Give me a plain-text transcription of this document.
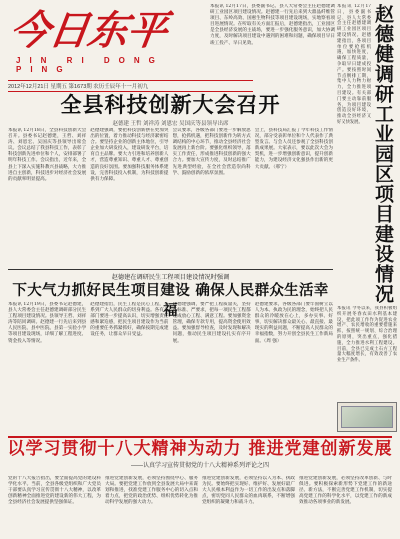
今日东平
JIN RI DONG PING
2012年12月21日 星期五 第1673期 农历壬辰年十一月初九
本报讯 12月17日，县委副书记、县人大常委会主任赵德建调研工业园区项目建设情况。赵德建一行先后来到大鼎晶纤维管项目、东岭高效、国惠生物科技等项目建设现场，实地察看项目进展情况。在听取有关方面汇报后，赵德建指出，工业园区是全县经济发展的主战场，要进一步强化服务意识，加大协调力度，及时解决项目建设中遇到的困难和问题，确保项目早日竣工投产、早日见效。
本报讯 12月17日，县委副书记、县人大常委会主任赵德建调研工业园区项目建设情况。赵德建指出，各项目单位要抢抓机遇，加快进度，确保工程质量，争取早日建成投产。要按照时间节点倒排工期，集中人力物力财力，全力推进项目建设。有关部门要主动靠前服务，为项目建设创造良好环境，推动全县经济又好又快发展。 赵德健调研工业园区项目建设情况
全县科技创新大会召开
赵德建 王哲 刘祥涛 刘恩宏 吴国庆等县领导出席
本报讯 12月18日，全县科技创新大会召开。县委书记赵德建，王哲、刘祥涛、刘恩宏、吴国庆等县领导出席会议。会议总结了我县科技工作，表彰了科技创新先进单位和个人，安排部署了明年科技工作。会议指出，近年来，全县上下深入实施科教兴县战略，大力推进自主创新，科技进步对经济社会发展的贡献率明显提高。
赵德建强调，要把科技创新摆在更加突出的位置，着力推动科技与经济紧密结合。要坚持企业的创新主体地位，引导企业加大研发投入，建设研发平台，培育自主品牌。要大力引进和培养创新人才，营造尊重知识、尊重人才、尊重创造的良好氛围。要加强科技服务体系建设，完善科技投入机制，为科技创新提供有力保障。
会议要求，各级各部门要进一步解放思想，抢抓机遇，把科技创新作为转方式调结构的中心环节，推动全县经济社会发展再上新台阶。要强化组织领导，落实工作责任，形成推进科技创新的强大合力。要加大宣传力度，及时总结推广先进典型经验，在全社会营造崇尚科学、鼓励创新的浓厚氛围。
会上，县科技局汇报了今年科技工作情况，部分受表彰单位和个人代表作了典型发言。与会人员还参观了全县科技创新成果展。大家表示，要以此次大会为契机，进一步增强创新意识，提升创新能力，为建设经济文化强县作出新的更大贡献。（邢宁）
赵德建在调研民生工程项目建设情况时强调
下大气力抓好民生项目建设 确保人民群众生活幸福
本报讯 12月19日，县委书记赵德建，县人大常委会主任赵德建调研部分民生工程项目建设情况。县领导王哲、刘祥涛等陪同调研。赵德建一行先后来到县人民医院、县中医院、县第一实验小学等项目建设现场，详细了解工程进度、资金投入等情况。
赵德建指出，民生工程是民心工程，关系到广大人民群众的切身利益。各有关部门要进一步提高认识，切实增强责任感和紧迫感，把民生项目建设作为当前的重要任务抓紧抓好，确保按期完成建设任务，让群众早日受益。
赵德建强调，要严把工程质量关，坚持高标准、严要求，把每一项民生工程都建成放心工程、满意工程。要加强资金管理，确保专款专用，提高资金使用效益。要加强督导检查，及时发现和解决问题，推动民生项目建设扎实有序开展。
赵德建要求，各级各部门要牢固树立以人为本、执政为民的理念，始终把人民群众的冷暖放在心上，多办实事、好事，切实解决群众最关心、最直接、最现实的利益问题，不断提高人民群众的幸福指数，努力开创全县民生工作新局面。（周 强）
本报讯 今冬以来，我县积极组织开展冬春农田水利基本建设，把此项工作作为促进农业增产、农民增收的重要措施来抓，按照统一规划、综合治理的原则，突出重点，强化措施，全力推进水利工程建设。目前，全县已完成土石方工程量大幅度增长，有效改善了农业生产条件。
以学习贯彻十八大精神为动力 推进党建创新发展
——认真学习宣传贯彻党的十八大精神系列评论之四
党的十八大报告指出，要全面提高党的建设科学化水平。当前，全县各级党组织和广大党员干部要认真学习宣传贯彻十八大精神，以改革创新精神全面推进党的建设新的伟大工程，为全县经济社会发展提供坚强保证。
推进党建创新发展，必须坚持围绕中心、服务大局。要把党建工作放到全县发展大局中来谋划和推进，找准党建工作服务中心的切入点和着力点，把党的政治优势、组织优势转化为推动科学发展的强大动力。
推进党建创新发展，必须坚持以人为本、执政为民。要始终把实现好、维护好、发展好最广大人民根本利益作为一切工作的出发点和落脚点，密切党同人民群众的血肉联系，不断增强党组织的凝聚力和战斗力。
推进党建创新发展，必须坚持改革创新、与时俱进。要积极探索新形势下党建工作的新途径、新方法，不断完善党建工作机制，切实提高党建工作的科学化水平，以党建工作的新成效推动各项事业的新发展。
